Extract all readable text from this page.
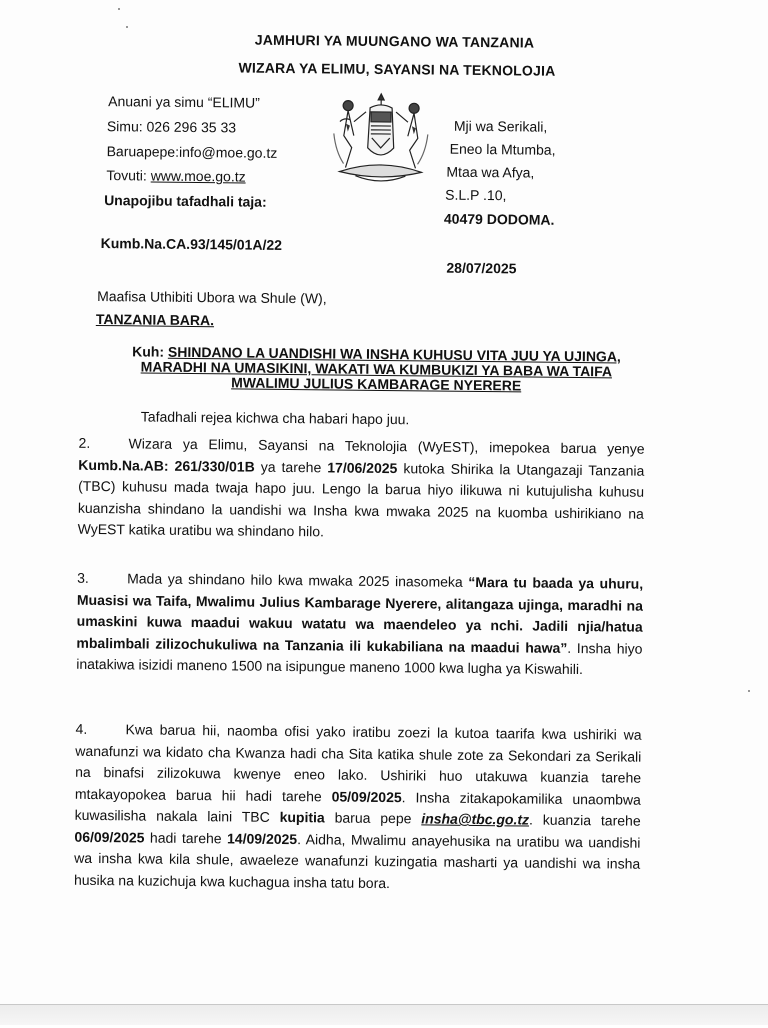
JAMHURI YA MUUNGANO WA TANZANIA
WIZARA YA ELIMU, SAYANSI NA TEKNOLOJIA
Anuani ya simu “ELIMU”
Simu: 026 296 35 33
Baruapepe:info@moe.go.tz
Tovuti: www.moe.go.tz
Unapojibu tafadhali taja:
Mji wa Serikali,
Eneo la Mtumba,
Mtaa wa Afya,
S.L.P .10,
40479 DODOMA.
Kumb.Na.CA.93/145/01A/22
28/07/2025
Maafisa Uthibiti Ubora wa Shule (W),
TANZANIA BARA.
Kuh: SHINDANO LA UANDISHI WA INSHA KUHUSU VITA JUU YA UJINGA,
MARADHI NA UMASIKINI, WAKATI WA KUMBUKIZI YA BABA WA TAIFA
MWALIMU JULIUS KAMBARAGE NYERERE
Tafadhali rejea kichwa cha habari hapo juu.
2.	Wizara ya Elimu, Sayansi na Teknolojia (WyEST), imepokea barua yenye Kumb.Na.AB: 261/330/01B ya tarehe 17/06/2025 kutoka Shirika la Utangazaji Tanzania (TBC) kuhusu mada twaja hapo juu. Lengo la barua hiyo ilikuwa ni kutujulisha kuhusu kuanzisha shindano la uandishi wa Insha kwa mwaka 2025 na kuomba ushirikiano na WyEST katika uratibu wa shindano hilo.
3.	Mada ya shindano hilo kwa mwaka 2025 inasomeka “Mara tu baada ya uhuru, Muasisi wa Taifa, Mwalimu Julius Kambarage Nyerere, alitangaza ujinga, maradhi na umaskini kuwa maadui wakuu watatu wa maendeleo ya nchi. Jadili njia/hatua mbalimbali zilizochukuliwa na Tanzania ili kukabiliana na maadui hawa”. Insha hiyo inatakiwa isizidi maneno 1500 na isipungue maneno 1000 kwa lugha ya Kiswahili.
4.	Kwa barua hii, naomba ofisi yako iratibu zoezi la kutoa taarifa kwa ushiriki wa wanafunzi wa kidato cha Kwanza hadi cha Sita katika shule zote za Sekondari za Serikali na binafsi zilizokuwa kwenye eneo lako. Ushiriki huo utakuwa kuanzia tarehe mtakayopokea barua hii hadi tarehe 05/09/2025. Insha zitakapokamilika unaombwa kuwasilisha nakala laini TBC kupitia barua pepe insha@tbc.go.tz. kuanzia tarehe 06/09/2025 hadi tarehe 14/09/2025. Aidha, Mwalimu anayehusika na uratibu wa uandishi wa insha kwa kila shule, awaeleze wanafunzi kuzingatia masharti ya uandishi wa insha husika na kuzichuja kwa kuchagua insha tatu bora.
